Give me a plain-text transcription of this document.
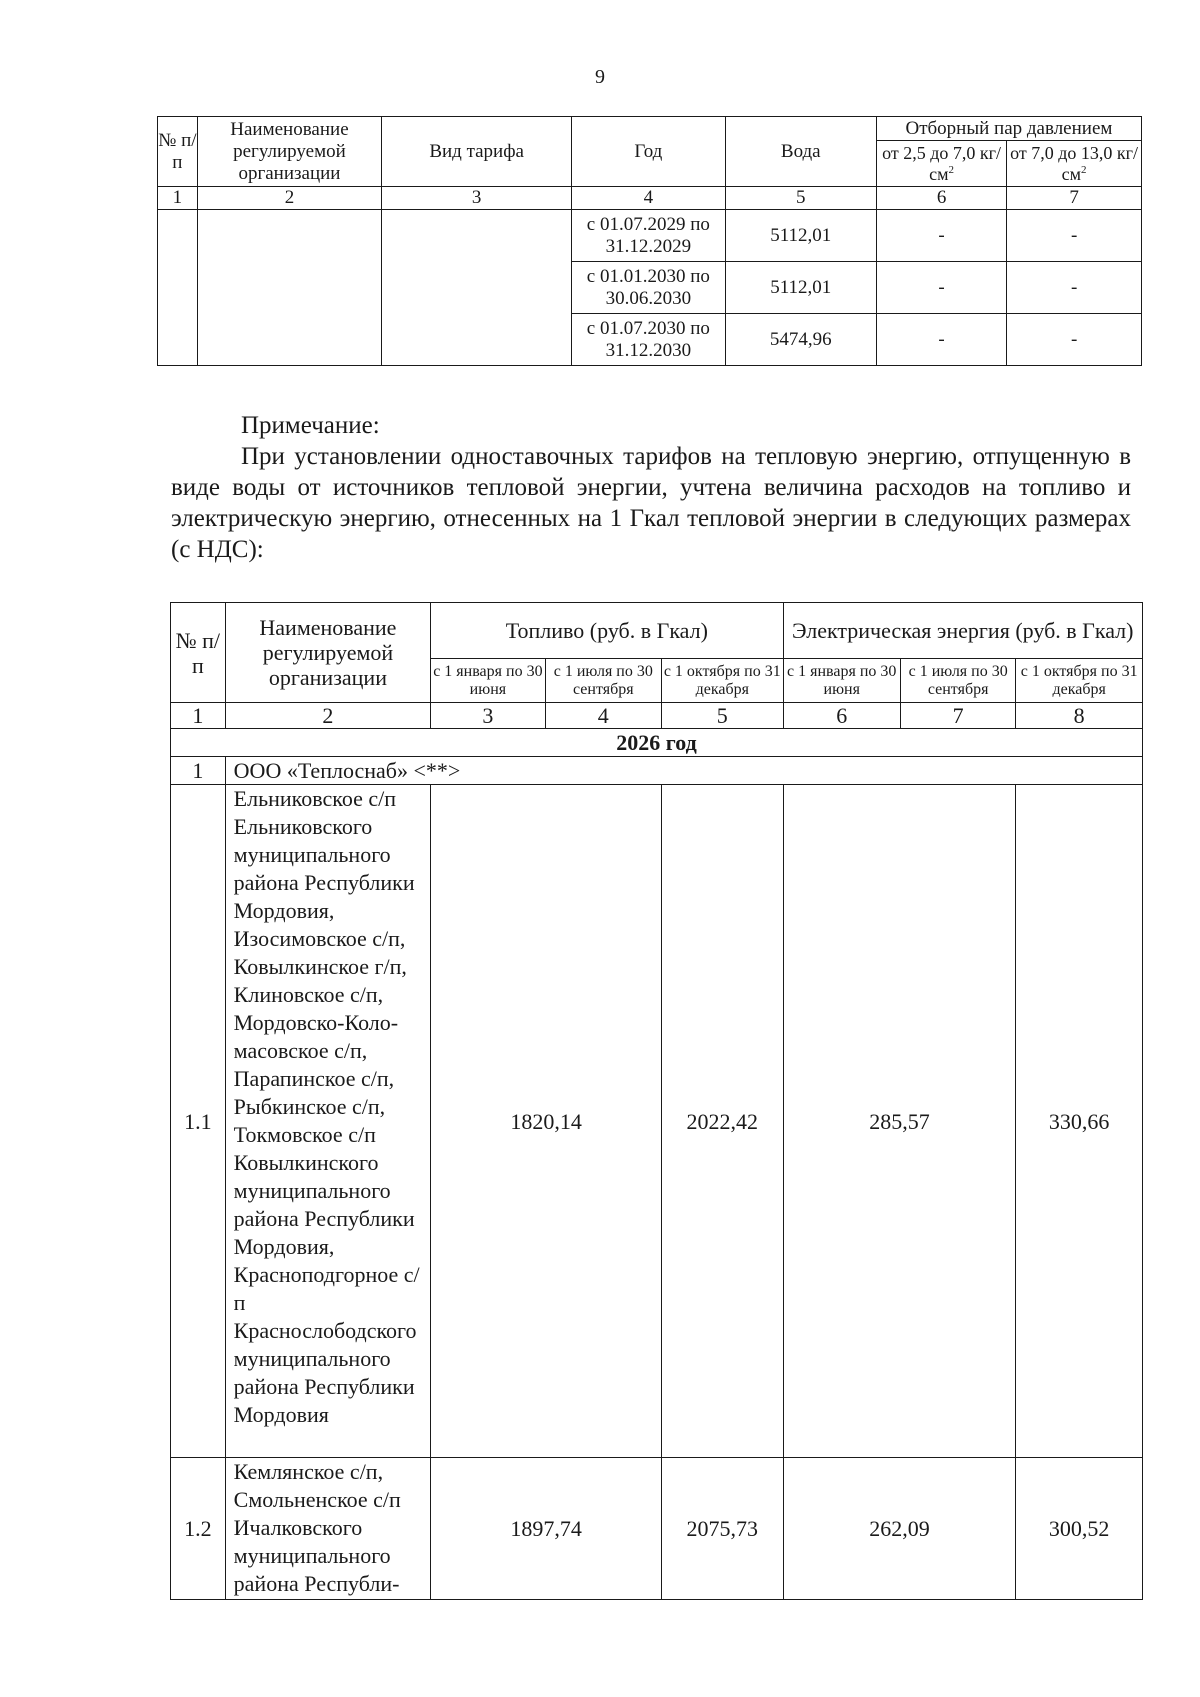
9
№ п/п	Наименование регулируемой организации	Вид тарифа	Год	Вода	Отборный пар давлением	
					от 2,5 до 7,0 $кг/см^2$	от 7,0 до 13,0 $кг/см^2$
1	2	3	4	5	6	7
			с 01.07.2029 по 31.12.2029	5112,01	-	-
			с 01.01.2030 по 30.06.2030	5112,01	-	-
			с 01.07.2030 по 31.12.2030	5474,96	-	-
Примечание:

При установлении одноставочных тарифов на тепловую энергию, отпущенную в виде воды от источников тепловой энергии, учтена величина расходов на топливо и электрическую энергию, отнесенных на 1 Гкал тепловой энергии в следующих размерах (с НДС):

№ п/п	Наименование регулируемой организации	Топливо (руб. в Гкал)			Электрическая энергия (руб. в Гкал)		
		с 1 января по 30 июня	с 1 июля по 30 сентября	с 1 октября по 31 декабря	с 1 января по 30 июня	с 1 июля по 30 сентября	с 1 октября по 31 декабря
1	2	3	4	5	6	7	8
2026 год							
1	ООО «Теплоснаб» <**>						
1.1	Ельниковское с/п Ельниковского муниципального района Республики Мордовия, Изосимовское с/п, Ковылкинское г/п, Клиновское с/п, Мордовско-Коло-масовское с/п, Парапинское с/п, Рыбкинское с/п, Токмовское с/п Ковылкинского муниципального района Республики Мордовия, Красноподгорное с/п Краснослободского муниципального района Республики Мордовия	1820,14		2022,42	285,57		330,66
1.2	Кемлянское с/п, Смольненское с/п Ичалковского муниципального района Республи-	1897,74		2075,73	262,09		300,52
